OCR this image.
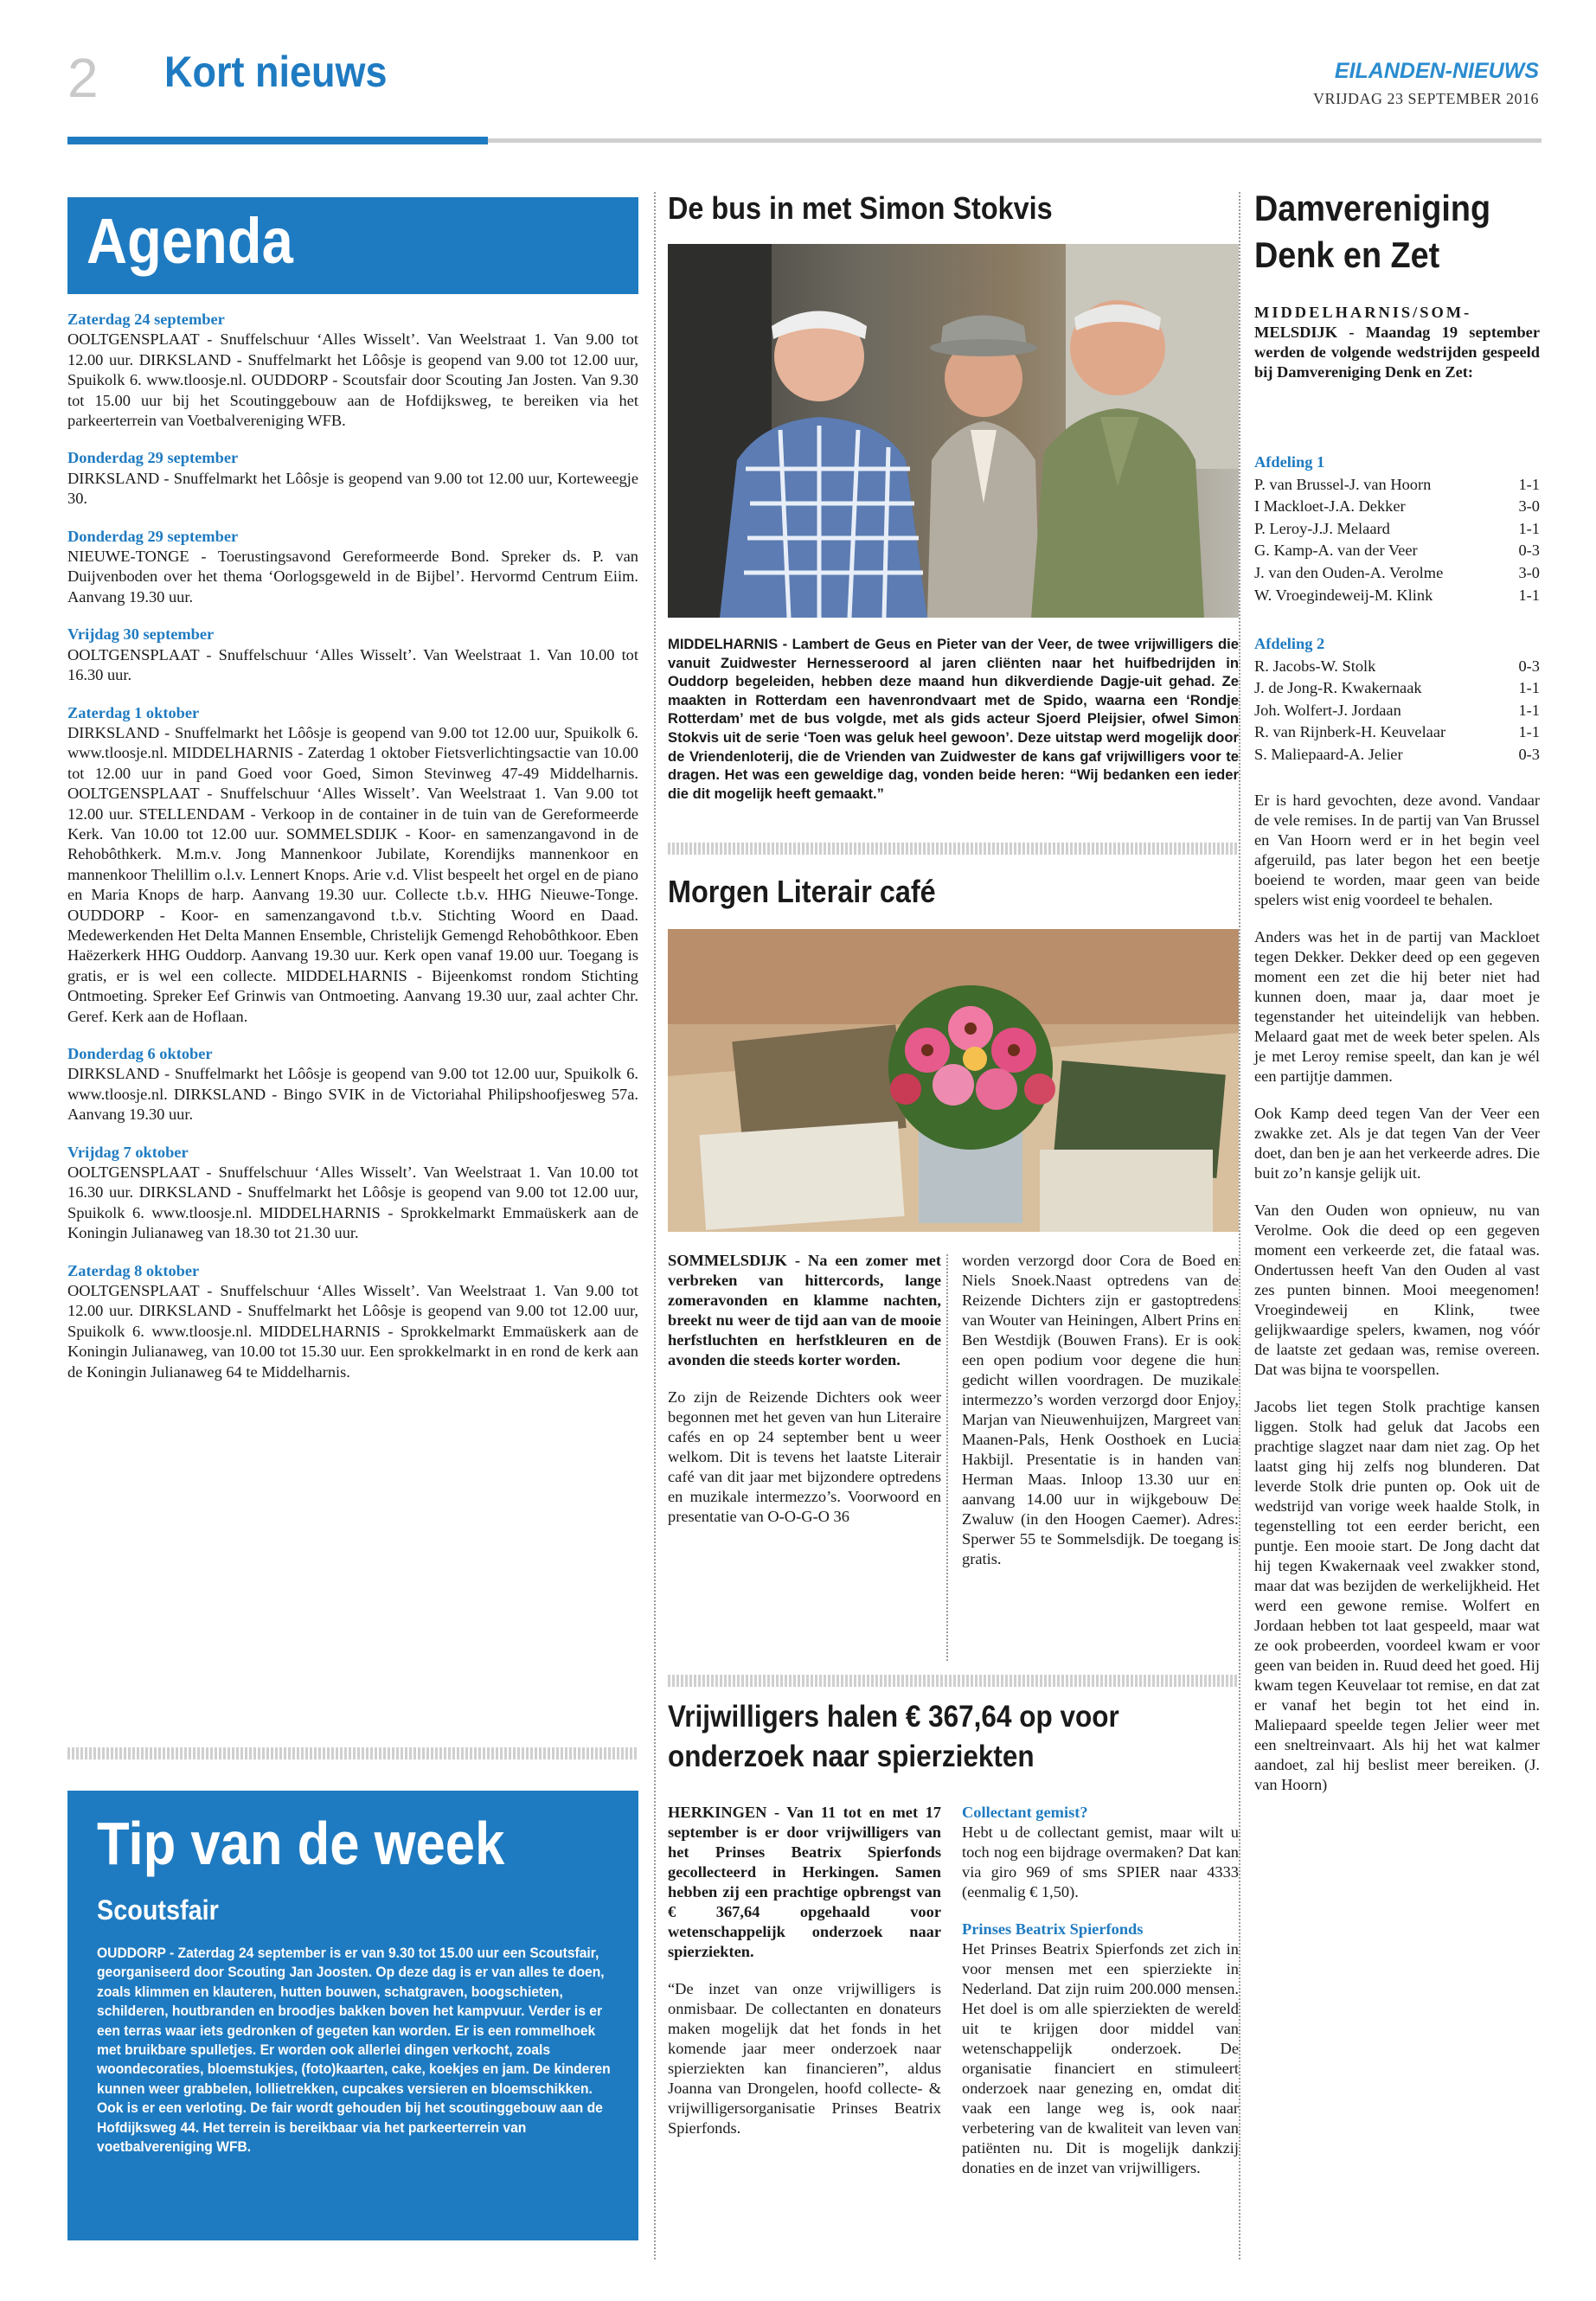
2 Kort nieuws	EILANDEN-NIEUWS
VRIJDAG 23 SEPTEMBER 2016
Agenda
Zaterdag 24 september

OOLTGENSPLAAT - Snuffelschuur ‘Alles Wisselt’. Van Weelstraat 1. Van 9.00 tot 12.00 uur. DIRKSLAND - Snuffelmarkt het Lôôsje is geopend van 9.00 tot 12.00 uur, Spuikolk 6. www.tloosje.nl. OUDDORP - Scoutsfair door Scouting Jan Josten. Van 9.30 tot 15.00 uur bij het Scoutinggebouw aan de Hofdijksweg, te bereiken via het parkeerterrein van Voetbalvereniging WFB.

Donderdag 29 september

DIRKSLAND - Snuffelmarkt het Lôôsje is geopend van 9.00 tot 12.00 uur, Korteweegje 30.

Donderdag 29 september

NIEUWE-TONGE - Toerustingsavond Gereformeerde Bond. Spreker ds. P. van Duijvenboden over het thema ‘Oorlogsgeweld in de Bijbel’. Hervormd Centrum Eiim. Aanvang 19.30 uur.

Vrijdag 30 september

OOLTGENSPLAAT - Snuffelschuur ‘Alles Wisselt’. Van Weelstraat 1. Van 10.00 tot 16.30 uur.

Zaterdag 1 oktober

DIRKSLAND - Snuffelmarkt het Lôôsje is geopend van 9.00 tot 12.00 uur, Spuikolk 6. www.tloosje.nl. MIDDELHARNIS - Zaterdag 1 oktober Fietsverlichtingsactie van 10.00 tot 12.00 uur in pand Goed voor Goed, Simon Stevinweg 47-49 Middelharnis. OOLTGENSPLAAT - Snuffelschuur ‘Alles Wisselt’. Van Weelstraat 1. Van 9.00 tot 12.00 uur. STELLENDAM - Verkoop in de container in de tuin van de Gereformeerde Kerk. Van 10.00 tot 12.00 uur. SOMMELSDIJK - Koor- en samenzangavond in de Rehobôthkerk. M.m.v. Jong Mannenkoor Jubilate, Korendijks mannenkoor en mannenkoor Thelillim o.l.v. Lennert Knops. Arie v.d. Vlist bespeelt het orgel en de piano en Maria Knops de harp. Aanvang 19.30 uur. Collecte t.b.v. HHG Nieuwe-Tonge. OUDDORP - Koor- en samenzangavond t.b.v. Stichting Woord en Daad. Medewerkenden Het Delta Mannen Ensemble, Christelijk Gemengd Rehobôthkoor. Eben Haëzerkerk HHG Ouddorp. Aanvang 19.30 uur. Kerk open vanaf 19.00 uur. Toegang is gratis, er is wel een collecte. MIDDELHARNIS - Bijeenkomst rondom Stichting Ontmoeting. Spreker Eef Grinwis van Ontmoeting. Aanvang 19.30 uur, zaal achter Chr. Geref. Kerk aan de Hoflaan.

Donderdag 6 oktober

DIRKSLAND - Snuffelmarkt het Lôôsje is geopend van 9.00 tot 12.00 uur, Spuikolk 6. www.tloosje.nl. DIRKSLAND - Bingo SVIK in de Victoriahal Philipshoofjesweg 57a. Aanvang 19.30 uur.

Vrijdag 7 oktober

OOLTGENSPLAAT - Snuffelschuur ‘Alles Wisselt’. Van Weelstraat 1. Van 10.00 tot 16.30 uur. DIRKSLAND - Snuffelmarkt het Lôôsje is geopend van 9.00 tot 12.00 uur, Spuikolk 6. www.tloosje.nl. MIDDELHARNIS - Sprokkelmarkt Emmaüskerk aan de Koningin Julianaweg van 18.30 tot 21.30 uur.

Zaterdag 8 oktober

OOLTGENSPLAAT - Snuffelschuur ‘Alles Wisselt’. Van Weelstraat 1. Van 9.00 tot 12.00 uur. DIRKSLAND - Snuffelmarkt het Lôôsje is geopend van 9.00 tot 12.00 uur, Spuikolk 6. www.tloosje.nl. MIDDELHARNIS - Sprokkelmarkt Emmaüskerk aan de Koningin Julianaweg, van 10.00 tot 15.30 uur. Een sprokkelmarkt in en rond de kerk aan de Koningin Julianaweg 64 te Middelharnis.

Tip van de week
Scoutsfair

OUDDORP - Zaterdag 24 september is er van 9.30 tot 15.00 uur een Scoutsfair, georganiseerd door Scouting Jan Joosten. Op deze dag is er van alles te doen, zoals klimmen en klauteren, hutten bouwen, schatgraven, boogschieten, schilderen, houtbranden en broodjes bakken boven het kampvuur. Verder is er een terras waar iets gedronken of gegeten kan worden. Er is een rommelhoek met bruikbare spulletjes. Er worden ook allerlei dingen verkocht, zoals woondecoraties, bloemstukjes, (foto)kaarten, cake, koekjes en jam. De kinderen kunnen weer grabbelen, lollietrekken, cupcakes versieren en bloemschikken. Ook is er een verloting. De fair wordt gehouden bij het scoutinggebouw aan de Hofdijksweg 44. Het terrein is bereikbaar via het parkeerterrein van voetbalvereniging WFB.

De bus in met Simon Stokvis
MIDDELHARNIS - Lambert de Geus en Pieter van der Veer, de twee vrijwilligers die vanuit Zuidwester Hernesseroord al jaren cliënten naar het huifbedrijden in Ouddorp begeleiden, hebben deze maand hun dikverdiende Dagje-uit gehad. Ze maakten in Rotterdam een havenrondvaart met de Spido, waarna een ‘Rondje Rotterdam’ met de bus volgde, met als gids acteur Sjoerd Pleijsier, ofwel Simon Stokvis uit de serie ‘Toen was geluk heel gewoon’. Deze uitstap werd mogelijk door de Vriendenloterij, die de Vrienden van Zuidwester de kans gaf vrijwilligers voor te dragen. Het was een geweldige dag, vonden beide heren: “Wij bedanken een ieder die dit mogelijk heeft gemaakt.”
Morgen Literair café

SOMMELSDIJK - Na een zomer met verbreken van hittercords, lange zomeravonden en klamme nachten, breekt nu weer de tijd aan van de mooie herfstluchten en herfstkleuren en de avonden die steeds korter worden.

Zo zijn de Reizende Dichters ook weer begonnen met het geven van hun Literaire cafés en op 24 september bent u weer welkom. Dit is tevens het laatste Literair café van dit jaar met bijzondere optredens en muzikale intermezzo’s. Voorwoord en presentatie van O-O-G-O 36

worden verzorgd door Cora de Boed en Niels Snoek.Naast optredens van de Reizende Dichters zijn er gastoptredens van Wouter van Heiningen, Albert Prins en Ben Westdijk (Bouwen Frans). Er is ook een open podium voor degene die hun gedicht willen voordragen. De muzikale intermezzo’s worden verzorgd door Enjoy, Marjan van Nieuwenhuijzen, Margreet van Maanen-Pals, Henk Oosthoek en Lucia Hakbijl. Presentatie is in handen van Herman Maas. Inloop 13.30 uur en aanvang 14.00 uur in wijkgebouw De Zwaluw (in den Hoogen Caemer). Adres: Sperwer 55 te Sommelsdijk. De toegang is gratis.

Vrijwilligers halen € 367,64 op voor onderzoek naar spierziekten

HERKINGEN - Van 11 tot en met 17 september is er door vrijwilligers van het Prinses Beatrix Spierfonds gecollecteerd in Herkingen. Samen hebben zij een prachtige opbrengst van € 367,64 opgehaald voor wetenschappelijk onderzoek naar spierziekten.

“De inzet van onze vrijwilligers is onmisbaar. De collectanten en donateurs maken mogelijk dat het fonds in het komende jaar meer onderzoek naar spierziekten kan financieren”, aldus Joanna van Drongelen, hoofd collecte- & vrijwilligersorganisatie Prinses Beatrix Spierfonds.

Collectant gemist?

Hebt u de collectant gemist, maar wilt u toch nog een bijdrage overmaken? Dat kan via giro 969 of sms SPIER naar 4333 (eenmalig € 1,50).

Prinses Beatrix Spierfonds

Het Prinses Beatrix Spierfonds zet zich in voor mensen met een spierziekte in Nederland. Dat zijn ruim 200.000 mensen. Het doel is om alle spierziekten de wereld uit te krijgen door middel van wetenschappelijk onderzoek. De organisatie financiert en stimuleert onderzoek naar genezing en, omdat dit vaak een lange weg is, ook naar verbetering van de kwaliteit van leven van patiënten nu. Dit is mogelijk dankzij donaties en de inzet van vrijwilligers.

Damvereniging
Denk en Zet
MIDDELHARNIS/SOM-
MELSDIJK - Maandag 19 september werden de volgende wedstrijden gespeeld bij Damvereniging Denk en Zet:
Afdeling 1
P. van Brussel-J. van Hoorn	1-1
I Mackloet-J.A. Dekker	3-0
P. Leroy-J.J. Melaard	1-1
G. Kamp-A. van der Veer	0-3
J. van den Ouden-A. Verolme	3-0
W. Vroegindeweij-M. Klink	1-1
Afdeling 2
R. Jacobs-W. Stolk	0-3
J. de Jong-R. Kwakernaak	1-1
Joh. Wolfert-J. Jordaan	1-1
R. van Rijnberk-H. Keuvelaar	1-1
S. Maliepaard-A. Jelier	0-3

Er is hard gevochten, deze avond. Vandaar de vele remises. In de partij van Van Brussel en Van Hoorn werd er in het begin veel afgeruild, pas later begon het een beetje boeiend te worden, maar geen van beide spelers wist enig voordeel te behalen.

Anders was het in de partij van Mackloet tegen Dekker. Dekker deed op een gegeven moment een zet die hij beter niet had kunnen doen, maar ja, daar moet je tegenstander het uiteindelijk van hebben. Melaard gaat met de week beter spelen. Als je met Leroy remise speelt, dan kan je wél een partijtje dammen.

Ook Kamp deed tegen Van der Veer een zwakke zet. Als je dat tegen Van der Veer doet, dan ben je aan het verkeerde adres. Die buit zo’n kansje gelijk uit.

Van den Ouden won opnieuw, nu van Verolme. Ook die deed op een gegeven moment een verkeerde zet, die fataal was. Ondertussen heeft Van den Ouden al vast zes punten binnen. Mooi meegenomen! Vroegindeweij en Klink, twee gelijkwaardige spelers, kwamen, nog vóór de laatste zet gedaan was, remise overeen. Dat was bijna te voorspellen.

Jacobs liet tegen Stolk prachtige kansen liggen. Stolk had geluk dat Jacobs een prachtige slagzet naar dam niet zag. Op het laatst ging hij zelfs nog blunderen. Dat leverde Stolk drie punten op. Ook uit de wedstrijd van vorige week haalde Stolk, in tegenstelling tot een eerder bericht, een puntje. Een mooie start. De Jong dacht dat hij tegen Kwakernaak veel zwakker stond, maar dat was bezijden de werkelijkheid. Het werd een gewone remise. Wolfert en Jordaan hebben tot laat gespeeld, maar wat ze ook probeerden, voordeel kwam er voor geen van beiden in. Ruud deed het goed. Hij kwam tegen Keuvelaar tot remise, en dat zat er vanaf het begin tot het eind in. Maliepaard speelde tegen Jelier weer met een sneltreinvaart. Als hij het wat kalmer aandoet, zal hij beslist meer bereiken. (J. van Hoorn)
